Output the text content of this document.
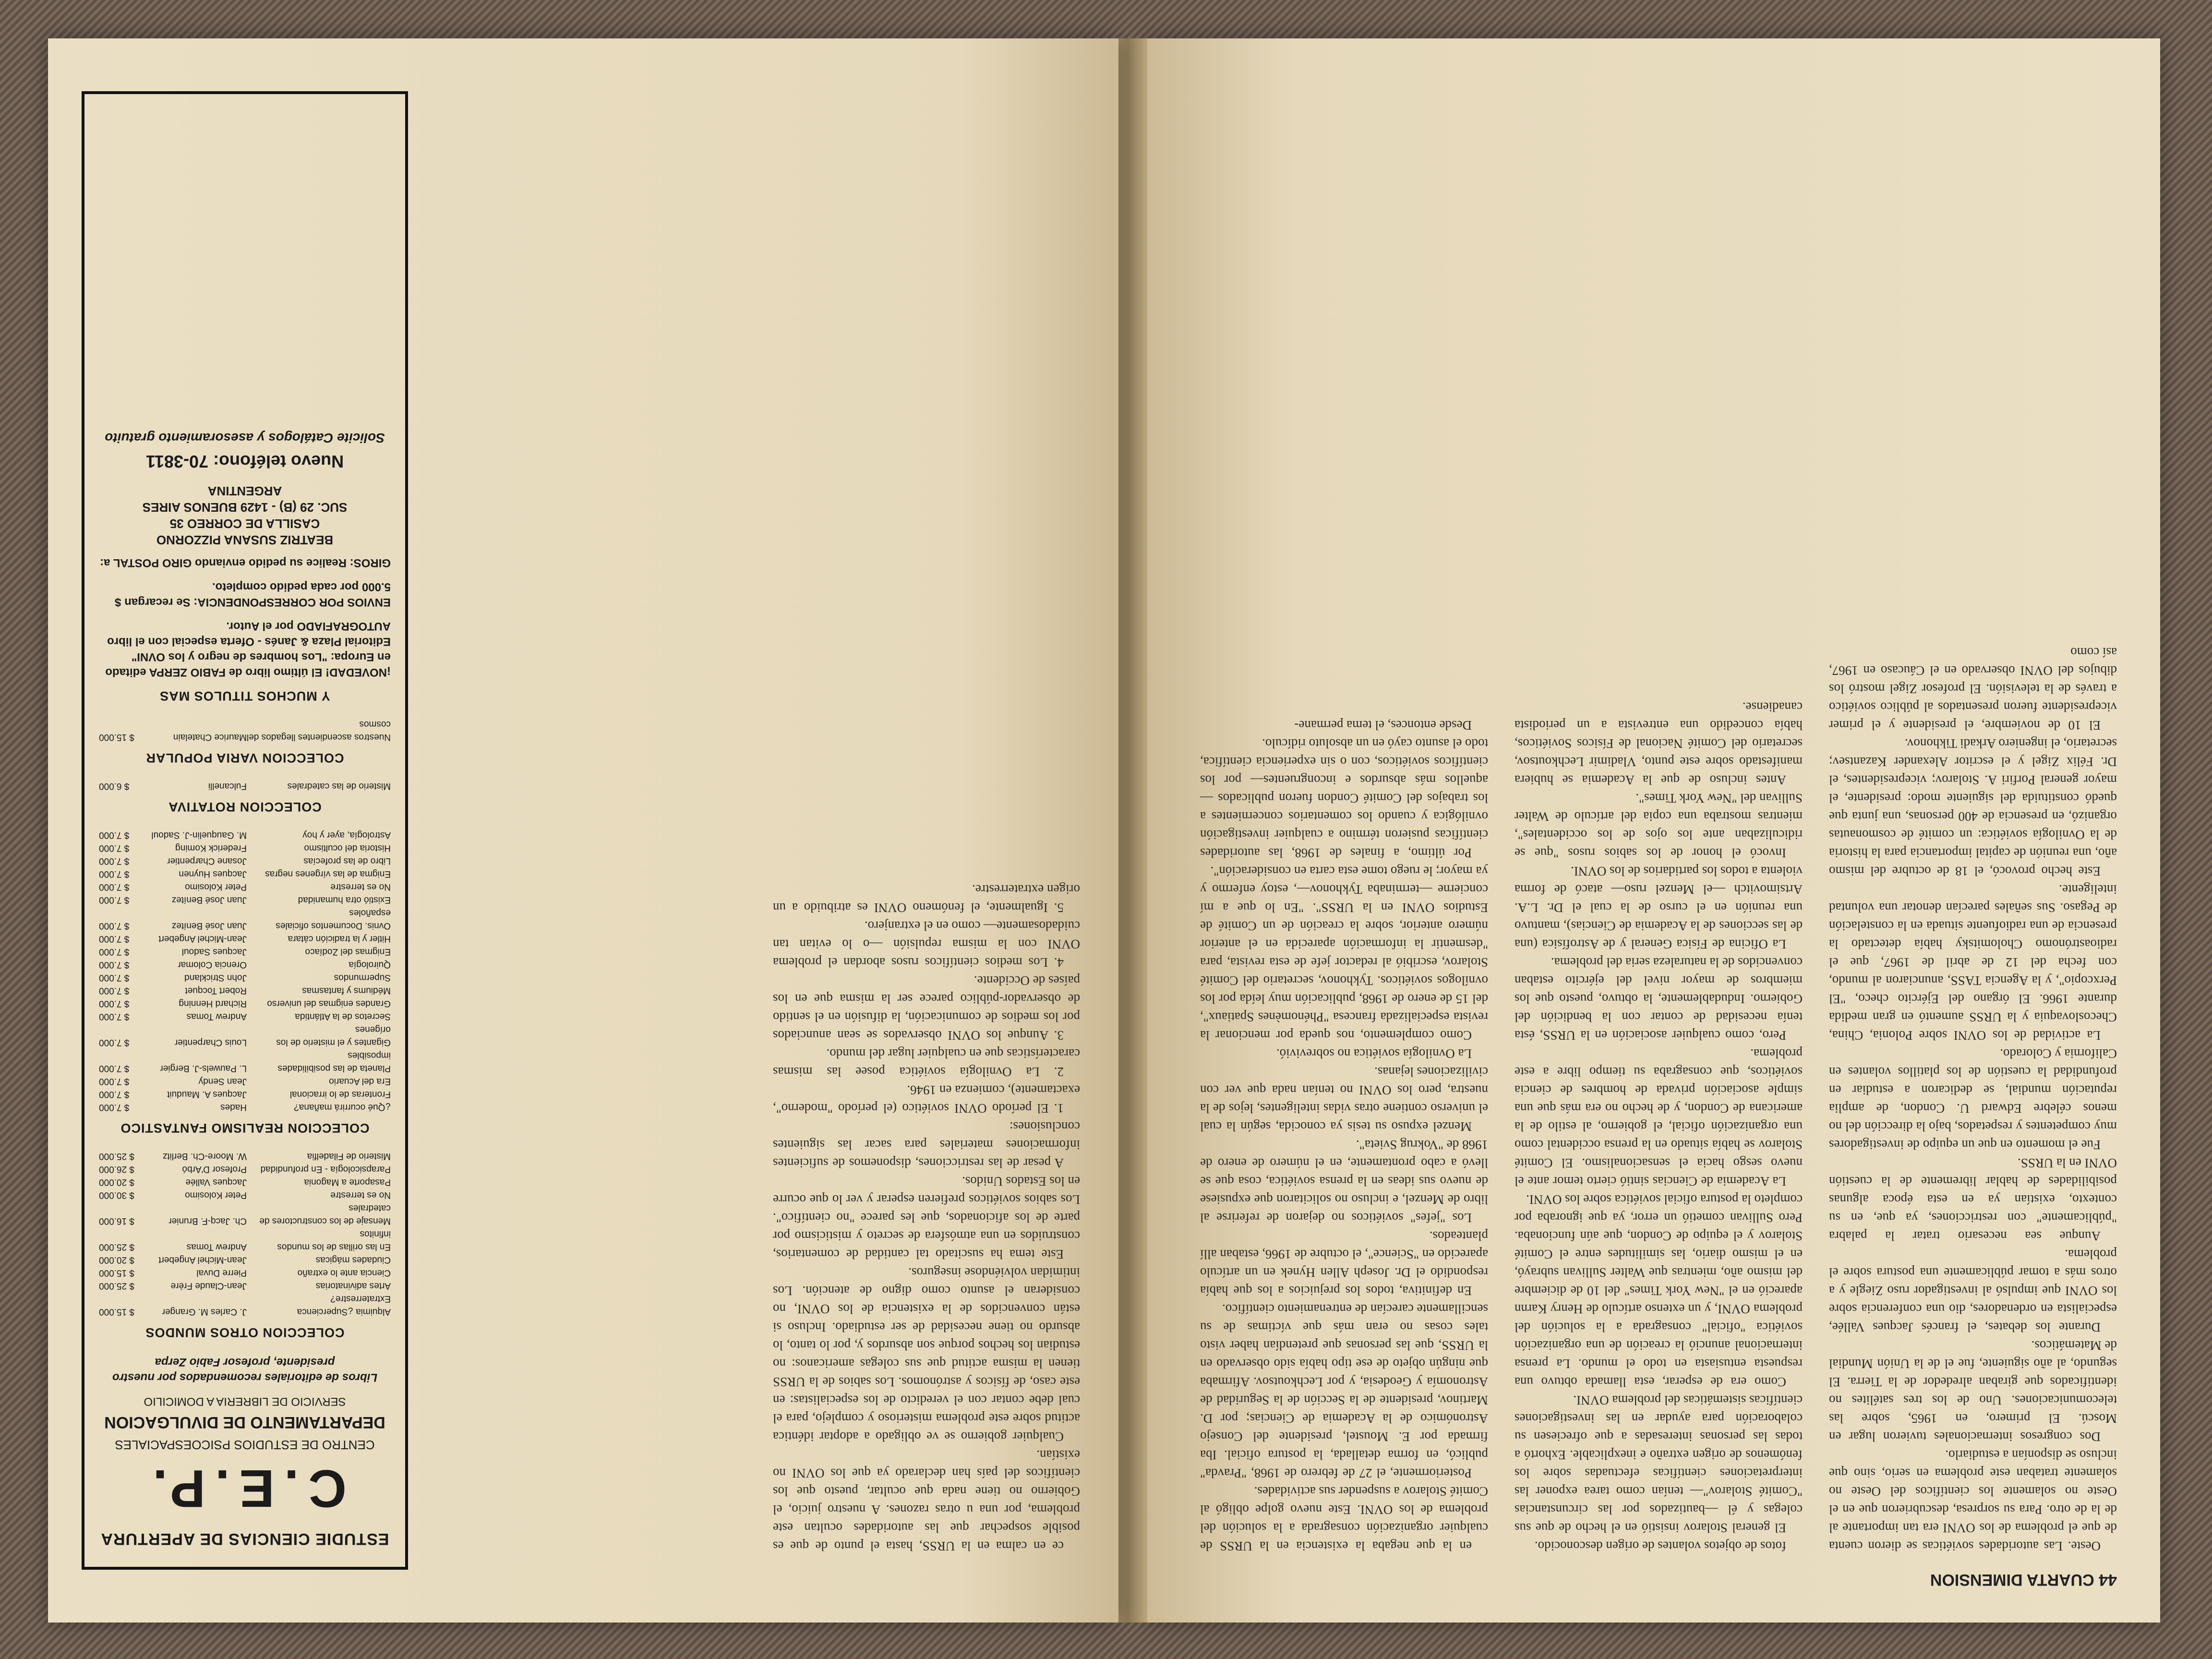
44 CUARTA DIMENSION

Oeste. Las autoridades soviéticas se dieron cuenta de que el problema de los OVNI era tan importante al de la de otro. Para su sorpresa, descubrieron que en el Oeste no solamente los científicos del Oeste no solamente trataban este problema en serio, sino que incluso se disponían a estudiarlo.

Dos congresos internacionales tuvieron lugar en Moscú. El primero, en 1965, sobre las telecomunicaciones. Uno de los tres satélites no identificados que giraban alrededor de la Tierra. El segundo, al año siguiente, fue el de la Unión Mundial de Matemáticos.

Durante los debates, el francés Jacques Vallée, especialista en ordenadores, dio una conferencia sobre los OVNI que impulsó al investigador ruso Ziegle y a otros más a tomar públicamente una postura sobre el problema.

Aunque sea necesario tratar la palabra "públicamente" con restricciones, ya que, en su contexto, existían ya en esta época algunas posibilidades de hablar libremente de la cuestión OVNI en la URSS.

Fue el momento en que un equipo de investigadores muy competentes y respetados, bajo la dirección del no menos célebre Edward U. Condon, de amplia reputación mundial, se dedicaron a estudiar en profundidad la cuestión de los platillos volantes en California y Colorado.

La actividad de los OVNI sobre Polonia, China, Checoslovaquia y la URSS aumentó en gran medida durante 1966. El órgano del Ejército checo, "El Perxcopio", y la Agencia TASS, anunciaron al mundo, con fecha del 12 de abril de 1967, que el radioastrónomo Cholomitsky había detectado la presencia de una radiofuente situada en la constelación de Pegaso. Sus señales parecían denotar una voluntad inteligente.

Este hecho provocó, el 18 de octubre del mismo año, una reunión de capital importancia para la historia de la Ovnilogía soviética: un comité de cosmonautas organizó, en presencia de 400 personas, una junta que quedó constituida del siguiente modo: presidente, el mayor general Porfiri A. Stolarov; vicepresidentes, el Dr. Félix Zigel y el escritor Alexander Kazantsev; secretario, el ingeniero Arkadi Tikhonov.

El 10 de noviembre, el presidente y el primer vicepresidente fueron presentados al público soviético a través de la televisión. El profesor Zigel mostró los dibujos del OVNI observado en el Cáucaso en 1967, así como

fotos de objetos volantes de origen desconocido.

El general Stolarov insistió en el hecho de que sus colegas y él —bautizados por las circunstancias "Comité Stolarov"— tenían como tarea exponer las interpretaciones científicas efectuadas sobre los fenómenos de origen extraño e inexplicable. Exhortó a todas las personas interesadas a que ofreciesen su colaboración para ayudar en las investigaciones científicas sistemáticas del problema OVNI.

Como era de esperar, esta llamada obtuvo una respuesta entusiasta en todo el mundo. La prensa internacional anunció la creación de una organización soviética "oficial" consagrada a la solución del problema OVNI, y un extenso artículo de Henry Karnn apareció en el "New York Times" del 10 de diciembre del mismo año, mientras que Walter Sullivan subrayó, en el mismo diario, las similitudes entre el Comité Stolarov y el equipo de Condon, que aún funcionaba. Pero Sullivan cometió un error, ya que ignoraba por completo la postura oficial soviética sobre los OVNI.

La Academia de Ciencias sintió cierto temor ante el nuevo sesgo hacia el sensacionalismo. El Comité Stolarov se había situado en la prensa occidental como una organización oficial, el gobierno, al estilo de la americana de Condon, y de hecho no era más que una simple asociación privada de hombres de ciencia soviéticos, que consagraba su tiempo libre a este problema.

Pero, como cualquier asociación en la URSS, ésta tenía necesidad de contar con la bendición del Gobierno. Indudablemente, la obtuvo, puesto que los miembros de mayor nivel del ejército estaban convencidos de la naturaleza seria del problema.

La Oficina de Física General y de Astrofísica (una de las secciones de la Academia de Ciencias), mantuvo una reunión en el curso de la cual el Dr. L.A. Artsimovitch —el Menzel ruso— atacó de forma violenta a todos los partidarios de los OVNI.

Invocó el honor de los sabios rusos "que se ridiculizaban ante los ojos de los occidentales", mientras mostraba una copia del artículo de Walter Sullivan del "New York Times".

Antes incluso de que la Academia se hubiera manifestado sobre este punto, Vladimir Lechkoutsov, secretario del Comité Nacional de Físicos Soviéticos, había concedido una entrevista a un periodista canadiense.

en la que negaba la existencia en la URSS de cualquier organización consagrada a la solución del problema de los OVNI. Este nuevo golpe obligó al Comité Stolarov a suspender sus actividades.

Posteriormente, el 27 de febrero de 1968, "Pravda" publicó, en forma detallada, la postura oficial. Iba firmada por E. Moustel, presidente del Consejo Astronómico de la Academia de Ciencias; por D. Martinov, presidente de la Sección de la Seguridad de Astronomía y Geodesia, y por Lechkoutsov. Afirmaba que ningún objeto de ese tipo había sido observado en la URSS, que las personas que pretendían haber visto tales cosas no eran más que víctimas de su sencillamente carecían de entrenamiento científico.

En definitiva, todos los prejuicios a los que había respondido el Dr. Joseph Allen Hynek en un artículo aparecido en "Science", el octubre de 1966, estaban allí planteados.

Los "jefes" soviéticos no dejaron de referirse al libro de Menzel, e incluso no solicitaron que expusiese de nuevo sus ideas en la prensa soviética, cosa que se llevó a cabo prontamente, en el número de enero de 1968 de "Vokrug Svieta".

Menzel expuso su tesis ya conocida, según la cual el universo contiene otras vidas inteligentes, lejos de la nuestra, pero los OVNI no tenían nada que ver con civilizaciones lejanas.

La Ovnilogía soviética no sobrevivió.

Como complemento, nos queda por mencionar la revista especializada francesa "Phénomènes Spatiaux", del 15 de enero de 1968, publicación muy leída por los ovnílogos soviéticos. Tykhonov, secretario del Comité Stolarov, escribió al redactor jefe de esta revista, para "desmentir la información aparecida en el anterior número anterior, sobre la creación de un Comité de Estudios OVNI en la URSS". "En lo que a mí concierne —terminaba Tykhonov—, estoy enfermo y ya mayor; le ruego tome esta carta en consideración".

Por último, a finales de 1968, las autoridades científicas pusieron término a cualquier investigación ovnilógica y cuando los comentarios concernientes a los trabajos del Comité Condon fueron publicados —aquellos más absurdos e incongruentes— por los científicos soviéticos, con o sin experiencia científica, todo el asunto cayó en un absoluto ridículo.

Desde entonces, el tema permane-

ce en calma en la URSS, hasta el punto de que es posible sospechar que las autoridades ocultan este problema, por una u otras razones. A nuestro juicio, el Gobierno no tiene nada que ocultar, puesto que los científicos del país han declarado ya que los OVNI no existían.

Cualquier gobierno se ve obligado a adoptar idéntica actitud sobre este problema misterioso y complejo, para el cual debe contar con el veredicto de los especialistas: en este caso, de físicos y astrónomos. Los sabios de la URSS tienen la misma actitud que sus colegas americanos: no estudian los hechos porque son absurdos y, por lo tanto, lo absurdo no tiene necesidad de ser estudiado. Incluso si están convencidos de la existencia de los OVNI, no consideran el asunto como digno de atención. Los intimidan volviéndose inseguros.

Este tema ha suscitado tal cantidad de comentarios, construidos en una atmósfera de secreto y misticismo por parte de los aficionados, que les parece "no científico". Los sabios soviéticos prefieren esperar y ver lo que ocurre en los Estados Unidos.

A pesar de las restricciones, disponemos de suficientes informaciones materiales para sacar las siguientes conclusiones:

1. El período OVNI soviético (el período "moderno", exactamente), comienza en 1946.

2. La Ovnilogía soviética posee las mismas características que en cualquier lugar del mundo.

3. Aunque los OVNI observados se sean anunciados por los medios de comunicación, la difusión en el sentido de observador-público parece ser la misma que en los países de Occidente.

4. Los medios científicos rusos abordan el problema OVNI con la misma repulsión —o lo evitan tan cuidadosamente— como en el extranjero.

5. Igualmente, el fenómeno OVNI es atribuido a un origen extraterrestre.

ESTUDIE CIENCIAS DE APERTURA
C.E.P.
CENTRO DE ESTUDIOS PSICOESPACIALES
DEPARTAMENTO DE DIVULGACION
SERVICIO DE LIBRERIA A DOMICILIO
Libros de editoriales recomendados por nuestro presidente, profesor Fabio Zerpa
COLECCION OTROS MUNDOS
Alquimia ¿Supercienca Extraterrestre?
J. Carles M. Granger
$ 15.000
Artes adivinatorias
Jean-Claude Frère
$ 25.000
Ciencia ante lo extraño
Pierre Duval
$ 15.000
Ciudades mágicas
Jean-Michel Angebert
$ 20.000
En las orillas de los mundos infinitos
Andrew Tomas
$ 25.000
Mensaje de los constructores de catedrales
Ch. Jacq-F. Brunier
$ 16.000
No es terrestre
Peter Kolosimo
$ 30.000
Pasaporte a Magonia
Jacques Vallée
$ 20.000
Parapsicología - En profundidad
Profesor D'Arbó
$ 26.000
Misterio de Filadelfia
W. Moore-Ch. Berlitz
$ 25.000
COLECCION REALISMO FANTASTICO
¿Qué ocurrirá mañana?
Hades
$ 7.000
Fronteras de lo irracional
Jacques A. Mauduit
$ 7.000
Era del Acuario
Jean Sendy
$ 7.000
Planeta de las posibilidades imposibles
L. Pauwels-J. Bergier
$ 7.000
Gigantes y el misterio de los orígenes
Louis Charpentier
$ 7.000
Secretos de la Atlántida
Andrew Tomas
$ 7.000
Grandes enigmas del universo
Richard Henning
$ 7.000
Médiums y fantasmas
Robert Tocquet
$ 7.000
Supermundos
John Strickland
$ 7.000
Quirología
Orencia Colomar
$ 7.000
Enigmas del Zodíaco
Jacques Sadoul
$ 7.000
Hitler y la tradición cátara
Jean-Michel Angebert
$ 7.000
Ovnis. Documentos oficiales españoles
Juan José Benítez
$ 7.000
Existió otra humanidad
Juan José Benítez
$ 7.000
No es terrestre
Peter Kolosimo
$ 7.000
Enigma de las vírgenes negras
Jacques Huynen
$ 7.000
Libro de las profecías
Josane Charpentier
$ 7.000
Historia del ocultismo
Frederick Koming
$ 7.000
Astrología, ayer y hoy
M. Gauquelin-J. Sadoul
$ 7.000
COLECCION ROTATIVA
Misterio de las catedrales
Fulcanelli
$ 6.000
COLECCION VARIA POPULAR
Nuestros ascendientes llegados del cosmos
Maurice Chatelain
$ 15.000
Y MUCHOS TITULOS MAS
¡NOVEDAD! El último libro de FABIO ZERPA editado en Europa: "Los hombres de negro y los OVNI" Editorial Plaza & Janés - Oferta especial con el libro AUTOGRAFIADO por el Autor.
ENVIOS POR CORRESPONDENCIA: Se recargan $ 5.000 por cada pedido completo.
GIROS: Realice su pedido enviando GIRO POSTAL a:
BEATRIZ SUSANA PIZZORNO
CASILLA DE CORREO 35
SUC. 29 (B) - 1429 BUENOS AIRES
ARGENTINA
Nuevo teléfono: 70-3811
Solicite Catálogos y asesoramiento gratuito
